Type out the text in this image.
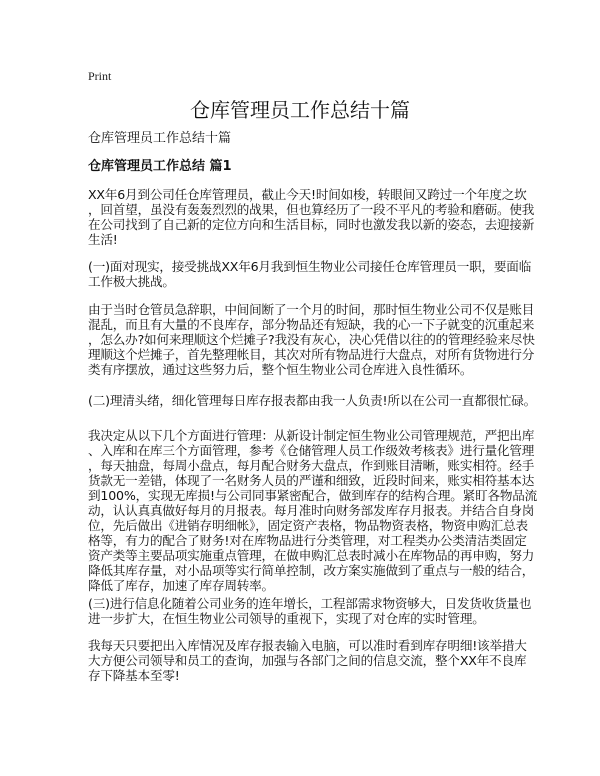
Print
仓库管理员工作总结十篇
仓库管理员工作总结十篇
仓库管理员工作总结 篇1
XX年6月到公司任仓库管理员，截止今天!时间如梭，转眼间又跨过一个年度之坎
，回首望，虽没有轰轰烈烈的战果，但也算经历了一段不平凡的考验和磨砺。使我
在公司找到了自己新的定位方向和生活目标，同时也激发我以新的姿态，去迎接新
生活!
(一)面对现实，接受挑战XX年6月我到恒生物业公司接任仓库管理员一职，要面临
工作极大挑战。
由于当时仓管员急辞职，中间间断了一个月的时间，那时恒生物业公司不仅是账目
混乱，而且有大量的不良库存，部分物品还有短缺，我的心一下子就变的沉重起来
，怎么办?如何来理顺这个烂摊子?我没有灰心，决心凭借以往的的管理经验来尽快
理顺这个烂摊子，首先整理帐目，其次对所有物品进行大盘点，对所有货物进行分
类有序摆放，通过这些努力后，整个恒生物业公司仓库进入良性循环。
(二)理清头绪，细化管理每日库存报表都由我一人负责!所以在公司一直都很忙碌。
我决定从以下几个方面进行管理：从新设计制定恒生物业公司管理规范，严把出库
、入库和在库三个方面管理，参考《仓储管理人员工作级效考核表》进行量化管理
，每天抽盘，每周小盘点，每月配合财务大盘点，作到账目清晰，账实相符。经手
货款无一差错，体现了一名财务人员的严谨和细致，近段时间来，账实相符基本达
到100%，实现无库损!与公司同事紧密配合，做到库存的结构合理。紧盯各物品流
动，认认真真做好每月的月报表。每月准时向财务部发库存月报表。并结合自身岗
位，先后做出《进销存明细帐》，固定资产表格，物品物资表格，物资申购汇总表
格等，有力的配合了财务!对在库物品进行分类管理，对工程类办公类清洁类固定
资产类等主要品项实施重点管理，在做申购汇总表时减小在库物品的再申购，努力
降低其库存量，对小品项等实行简单控制，改方案实施做到了重点与一般的结合，
降低了库存，加速了库存周转率。
(三)进行信息化随着公司业务的连年增长，工程部需求物资够大，日发货收货量也
进一步扩大，在恒生物业公司领导的重视下，实现了对仓库的实时管理。
我每天只要把出入库情况及库存报表输入电脑，可以准时看到库存明细!该举措大
大方便公司领导和员工的查询，加强与各部门之间的信息交流，整个XX年不良库
存下降基本至零!
